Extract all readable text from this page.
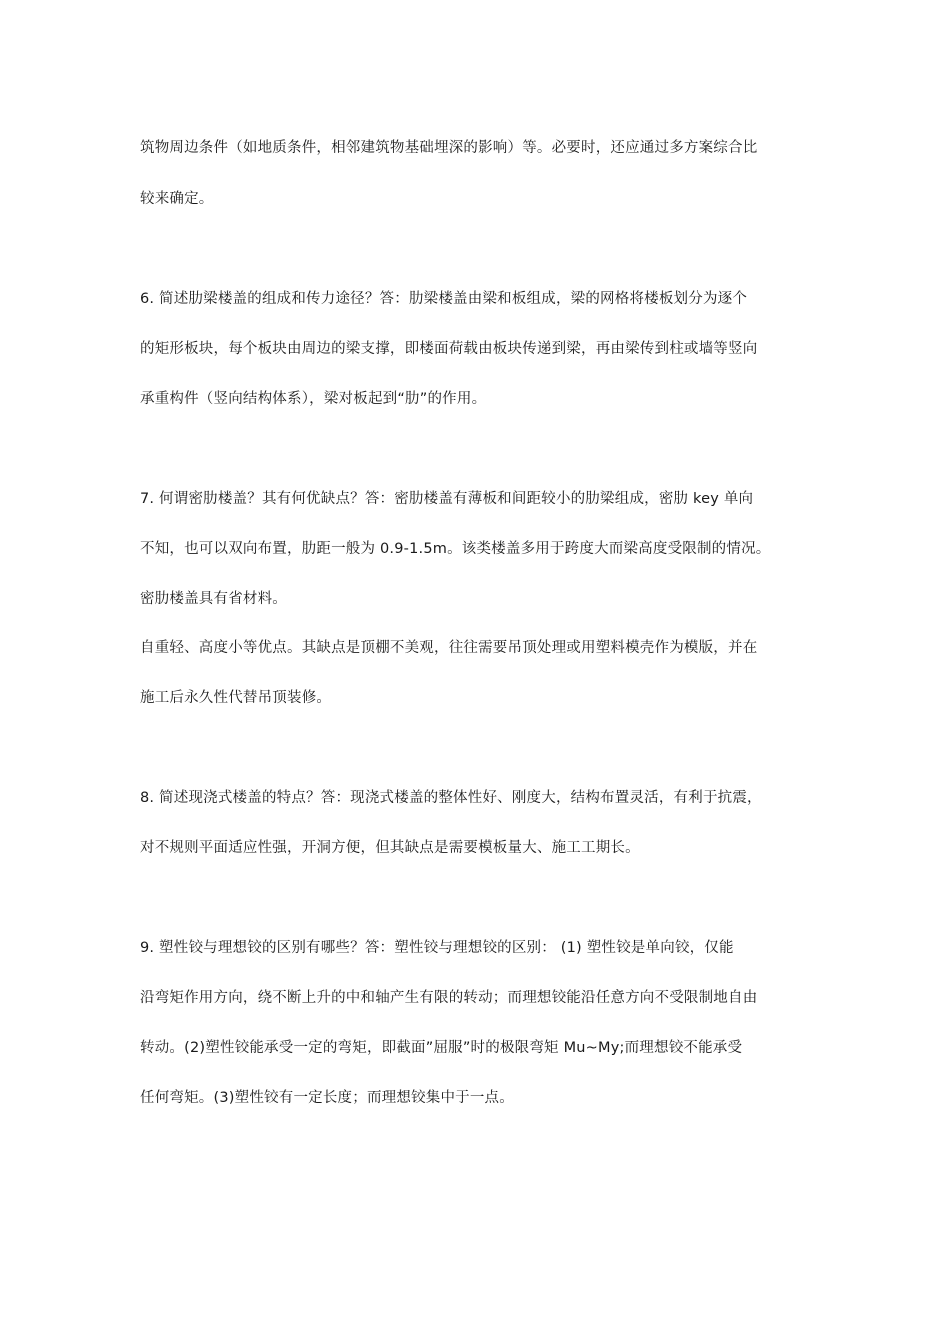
筑物周边条件（如地质条件，相邻建筑物基础埋深的影响）等。必要时，还应通过多方案综合比
较来确定。
6. 简述肋梁楼盖的组成和传力途径？答：肋梁楼盖由梁和板组成，梁的网格将楼板划分为逐个
的矩形板块，每个板块由周边的梁支撑，即楼面荷载由板块传递到梁，再由梁传到柱或墙等竖向
承重构件（竖向结构体系），梁对板起到“肋”的作用。
7. 何谓密肋楼盖？其有何优缺点？答：密肋楼盖有薄板和间距较小的肋梁组成，密肋 key 单向
不知，也可以双向布置，肋距一般为 0.9-1.5m。该类楼盖多用于跨度大而梁高度受限制的情况。
密肋楼盖具有省材料。
自重轻、高度小等优点。其缺点是顶棚不美观，往往需要吊顶处理或用塑料模壳作为模版，并在
施工后永久性代替吊顶装修。
8. 简述现浇式楼盖的特点？答：现浇式楼盖的整体性好、刚度大，结构布置灵活，有利于抗震，
对不规则平面适应性强，开洞方便，但其缺点是需要模板量大、施工工期长。
9. 塑性铰与理想铰的区别有哪些？答：塑性铰与理想铰的区别： (1) 塑性铰是单向铰，仅能
沿弯矩作用方向，绕不断上升的中和轴产生有限的转动；而理想铰能沿任意方向不受限制地自由
转动。(2)塑性铰能承受一定的弯矩，即截面”屈服”时的极限弯矩 Mu~My;而理想铰不能承受
任何弯矩。(3)塑性铰有一定长度；而理想铰集中于一点。
